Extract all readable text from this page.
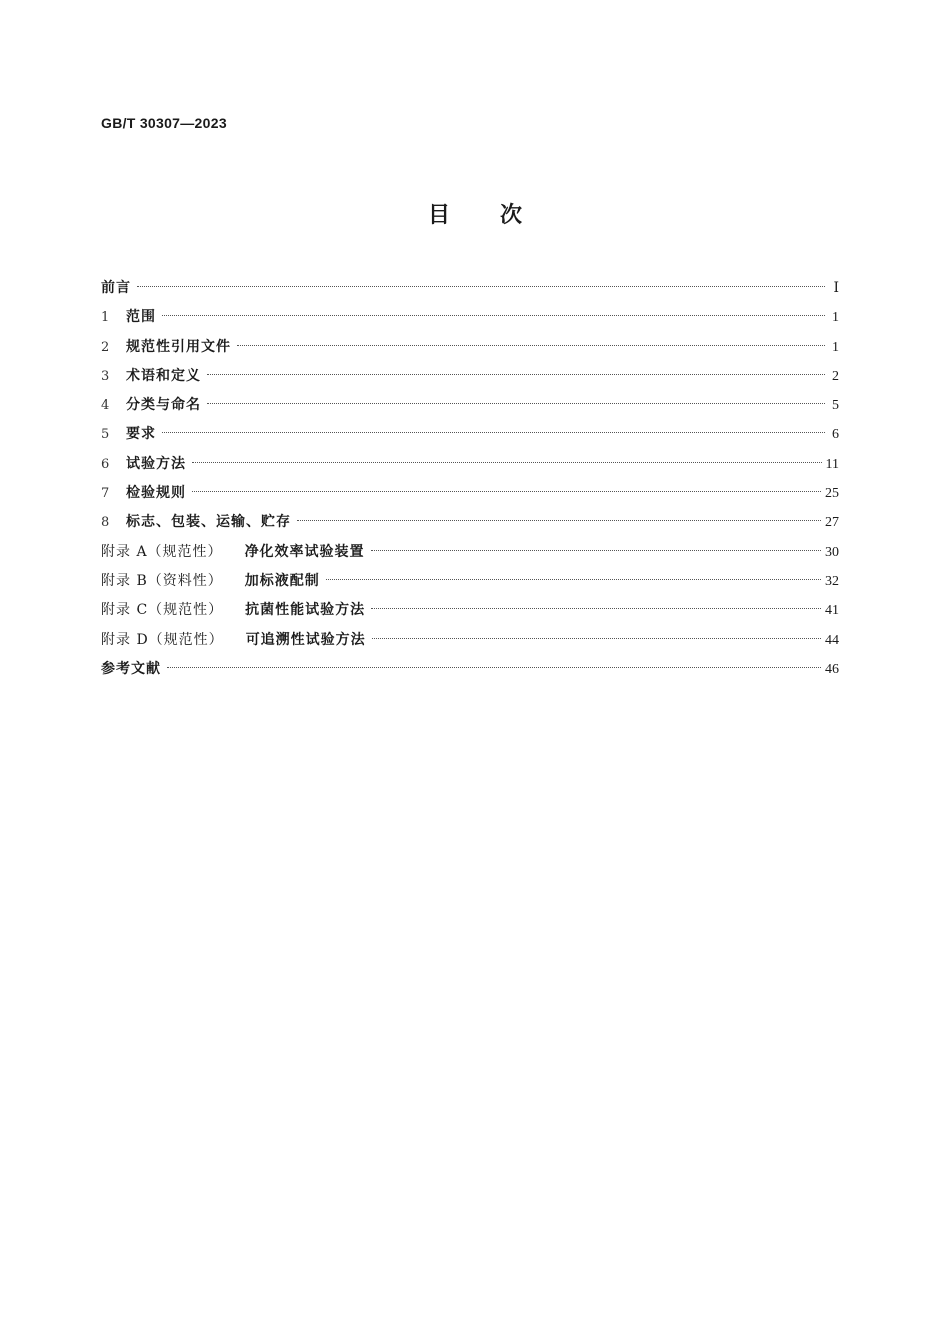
GB/T 30307—2023
目次
前言	Ⅰ
1	范围	1
2	规范性引用文件	1
3	术语和定义	2
4	分类与命名	5
5	要求	6
6	试验方法	11
7	检验规则	25
8	标志、包装、运输、贮存	27
附录 A（规范性） 净化效率试验装置	30
附录 B（资料性） 加标液配制	32
附录 C（规范性） 抗菌性能试验方法	41
附录 D（规范性） 可追溯性试验方法	44
参考文献	46
